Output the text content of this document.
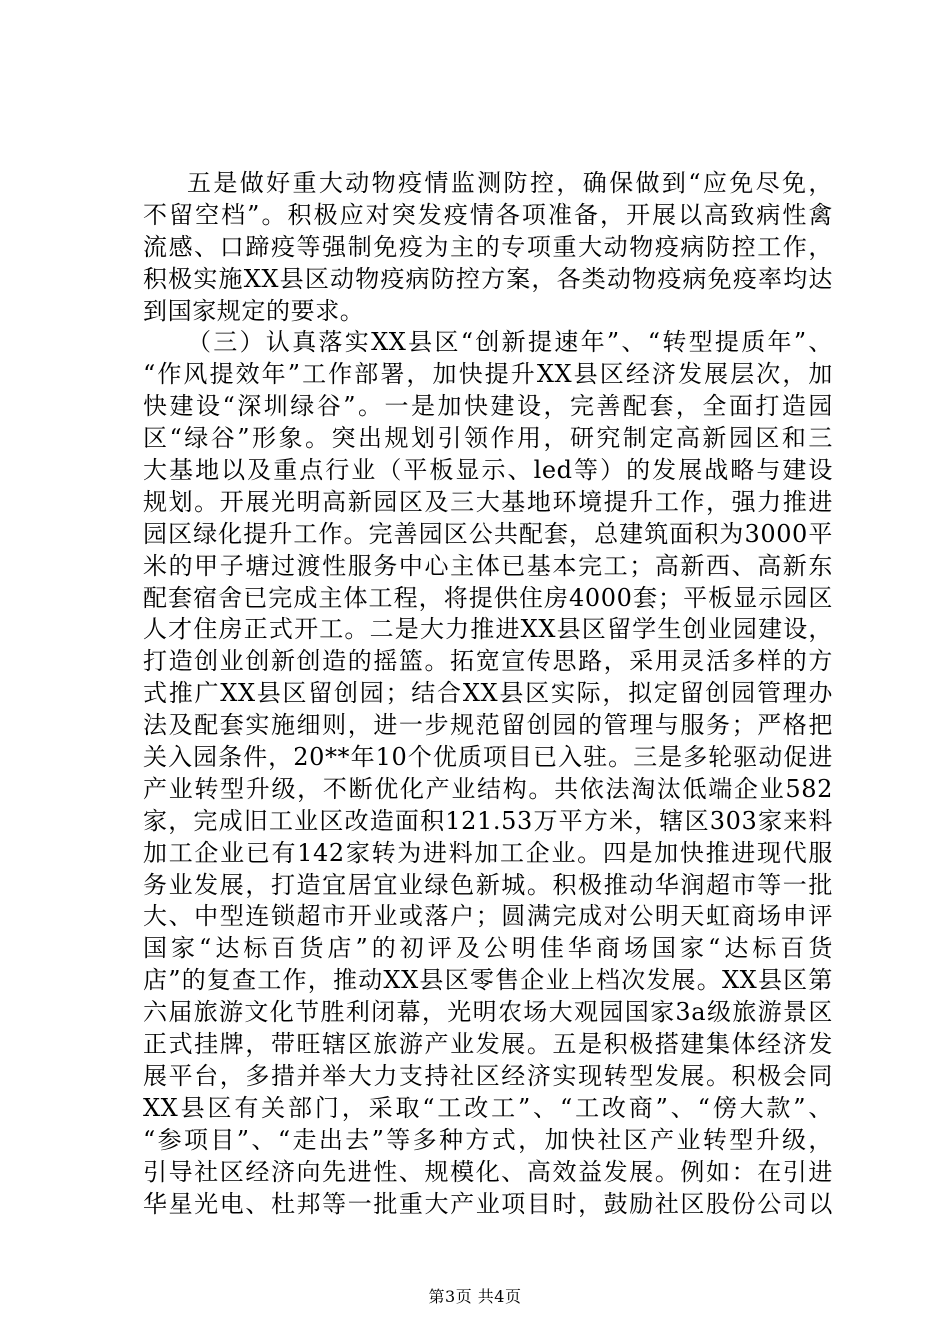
五是做好重大动物疫情监测防控，确保做到“应免尽免，
不留空档”。积极应对突发疫情各项准备，开展以高致病性禽
流感、口蹄疫等强制免疫为主的专项重大动物疫病防控工作，
积极实施XX县区动物疫病防控方案，各类动物疫病免疫率均达
到国家规定的要求。
（三）认真落实XX县区“创新提速年”、“转型提质年”、
“作风提效年”工作部署，加快提升XX县区经济发展层次，加
快建设“深圳绿谷”。一是加快建设，完善配套，全面打造园
区“绿谷”形象。突出规划引领作用，研究制定高新园区和三
大基地以及重点行业（平板显示、led等）的发展战略与建设
规划。开展光明高新园区及三大基地环境提升工作，强力推进
园区绿化提升工作。完善园区公共配套，总建筑面积为3000平
米的甲子塘过渡性服务中心主体已基本完工；高新西、高新东
配套宿舍已完成主体工程，将提供住房4000套；平板显示园区
人才住房正式开工。二是大力推进XX县区留学生创业园建设，
打造创业创新创造的摇篮。拓宽宣传思路，采用灵活多样的方
式推广XX县区留创园；结合XX县区实际，拟定留创园管理办
法及配套实施细则，进一步规范留创园的管理与服务；严格把
关入园条件，20**年10个优质项目已入驻。三是多轮驱动促进
产业转型升级，不断优化产业结构。共依法淘汰低端企业582
家，完成旧工业区改造面积121.53万平方米，辖区303家来料
加工企业已有142家转为进料加工企业。四是加快推进现代服
务业发展，打造宜居宜业绿色新城。积极推动华润超市等一批
大、中型连锁超市开业或落户；圆满完成对公明天虹商场申评
国家“达标百货店”的初评及公明佳华商场国家“达标百货
店”的复查工作，推动XX县区零售企业上档次发展。XX县区第
六届旅游文化节胜利闭幕，光明农场大观园国家3a级旅游景区
正式挂牌，带旺辖区旅游产业发展。五是积极搭建集体经济发
展平台，多措并举大力支持社区经济实现转型发展。积极会同
XX县区有关部门，采取“工改工”、“工改商”、“傍大款”、
“参项目”、“走出去”等多种方式，加快社区产业转型升级，
引导社区经济向先进性、规模化、高效益发展。例如：在引进
华星光电、杜邦等一批重大产业项目时，鼓励社区股份公司以
第3页 共4页
